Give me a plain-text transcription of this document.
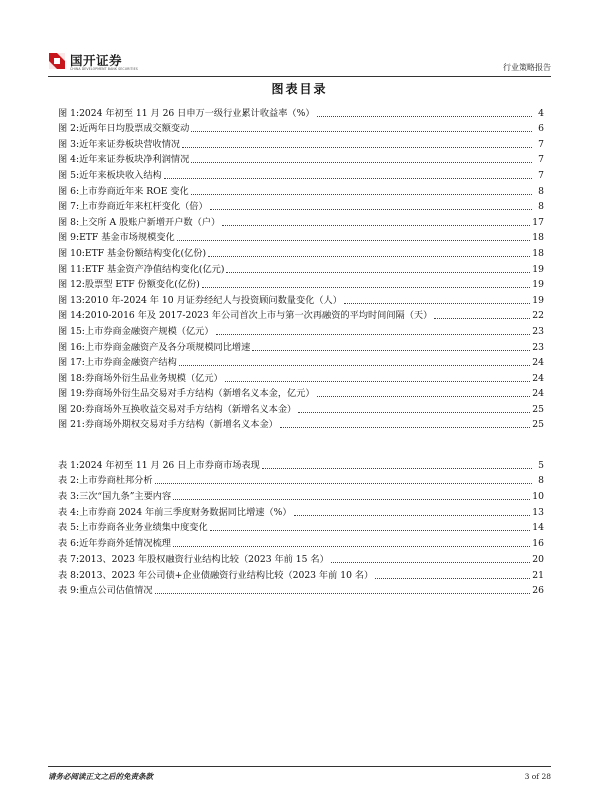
国开证券
CHINA DEVELOPMENT BANK SECURITIES	行业策略报告
图表目录
图 1: 2024 年初至 11 月 26 日申万一级行业累计收益率（%）	4
图 2: 近两年日均股票成交额变动	6
图 3: 近年来证券板块营收情况	7
图 4: 近年来证券板块净利润情况	7
图 5: 近年来板块收入结构	7
图 6: 上市券商近年来 ROE 变化	8
图 7: 上市券商近年来杠杆变化（倍）	8
图 8: 上交所 A 股账户新增开户数（户）	17
图 9: ETF 基金市场规模变化	18
图 10: ETF 基金份额结构变化(亿份)	18
图 11: ETF 基金资产净值结构变化(亿元)	19
图 12: 股票型 ETF 份额变化(亿份)	19
图 13: 2010 年-2024 年 10 月证券经纪人与投资顾问数量变化（人）	19
图 14: 2010-2016 年及 2017-2023 年公司首次上市与第一次再融资的平均时间间隔（天）	22
图 15: 上市券商金融资产规模（亿元）	23
图 16: 上市券商金融资产及各分项规模同比增速	23
图 17: 上市券商金融资产结构	24
图 18: 券商场外衍生品业务规模（亿元）	24
图 19: 券商场外衍生品交易对手方结构（新增名义本金，亿元）	24
图 20: 券商场外互换收益交易对手方结构（新增名义本金）	25
图 21: 券商场外期权交易对手方结构（新增名义本金）	25
表 1: 2024 年初至 11 月 26 日上市券商市场表现	5
表 2: 上市券商杜邦分析	8
表 3: 三次“国九条”主要内容	10
表 4: 上市券商 2024 年前三季度财务数据同比增速（%）	13
表 5: 上市券商各业务业绩集中度变化	14
表 6: 近年券商外延情况梳理	16
表 7: 2013、2023 年股权融资行业结构比较（2023 年前 15 名）	20
表 8: 2013、2023 年公司债+企业债融资行业结构比较（2023 年前 10 名）	21
表 9: 重点公司估值情况	26
请务必阅读正文之后的免责条款	3 of 28
